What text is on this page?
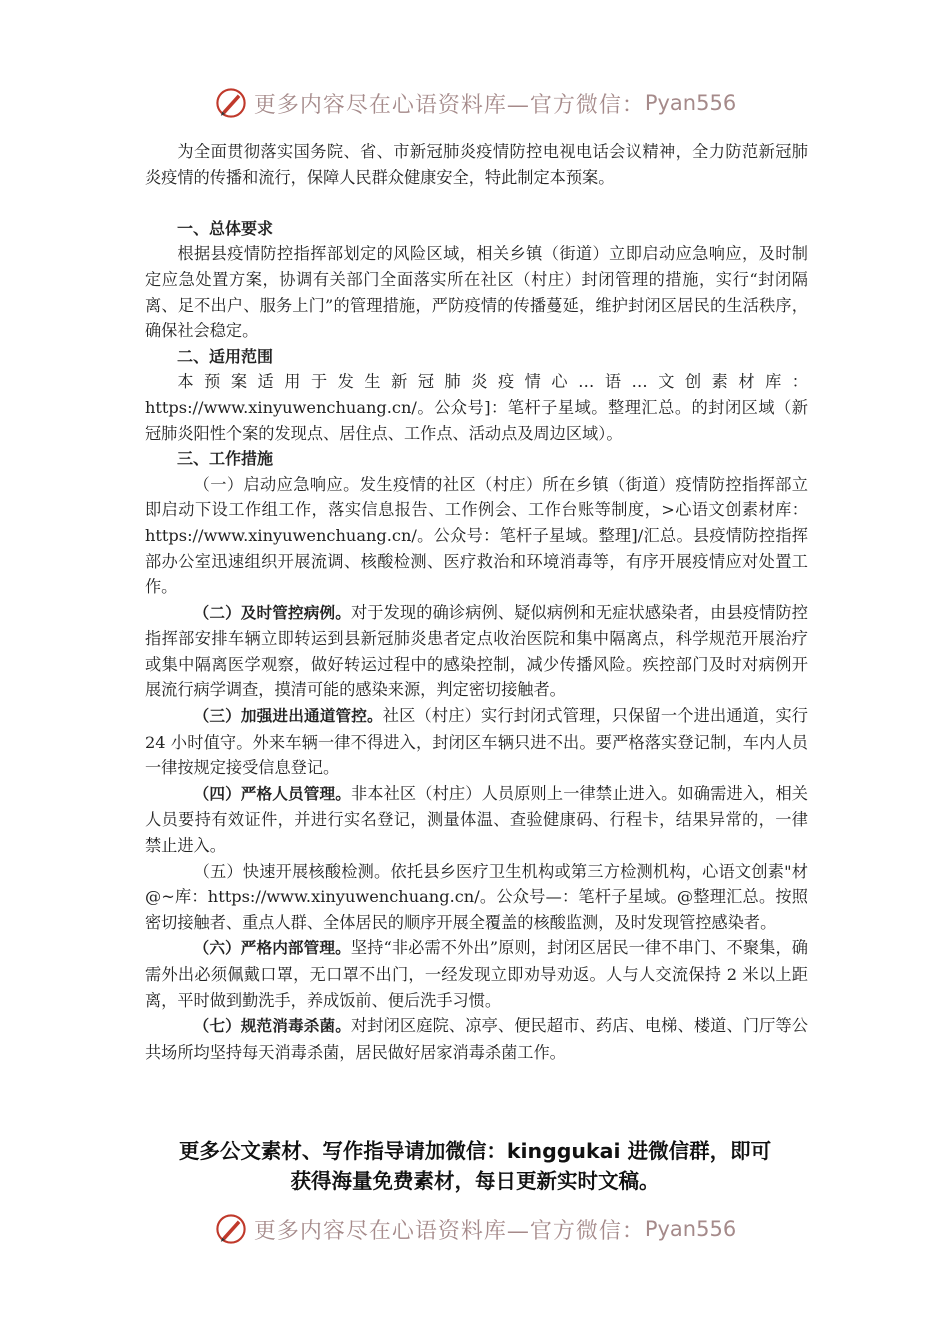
更多内容尽在心语资料库—官方微信： Pyan556

为全面贯彻落实国务院、省、市新冠肺炎疫情防控电视电话会议精神，全力防范新冠肺炎疫情的传播和流行，保障人民群众健康安全，特此制定本预案。

一、总体要求

根据县疫情防控指挥部划定的风险区域，相关乡镇（街道）立即启动应急响应，及时制定应急处置方案，协调有关部门全面落实所在社区（村庄）封闭管理的措施，实行“封闭隔离、足不出户、服务上门”的管理措施，严防疫情的传播蔓延，维护封闭区居民的生活秩序，确保社会稳定。

二、适用范围

本预案适用于发生新冠肺炎疫情心…语…文创素材库：https://www.xinyuwenchuang.cn/。公众号]：笔杆子星域。整理汇总。的封闭区域（新冠肺炎阳性个案的发现点、居住点、工作点、活动点及周边区域）。

三、工作措施

（一）启动应急响应。发生疫情的社区（村庄）所在乡镇（街道）疫情防控指挥部立即启动下设工作组工作，落实信息报告、工作例会、工作台账等制度，>心语文创素材库：https://www.xinyuwenchuang.cn/。公众号：笔杆子星域。整理]/汇总。县疫情防控指挥部办公室迅速组织开展流调、核酸检测、医疗救治和环境消毒等，有序开展疫情应对处置工作。

（二）及时管控病例。对于发现的确诊病例、疑似病例和无症状感染者，由县疫情防控指挥部安排车辆立即转运到县新冠肺炎患者定点收治医院和集中隔离点，科学规范开展治疗或集中隔离医学观察，做好转运过程中的感染控制，减少传播风险。疾控部门及时对病例开展流行病学调查，摸清可能的感染来源，判定密切接触者。

（三）加强进出通道管控。社区（村庄）实行封闭式管理，只保留一个进出通道，实行 24 小时值守。外来车辆一律不得进入，封闭区车辆只进不出。要严格落实登记制，车内人员一律按规定接受信息登记。

（四）严格人员管理。非本社区（村庄）人员原则上一律禁止进入。如确需进入，相关人员要持有效证件，并进行实名登记，测量体温、查验健康码、行程卡，结果异常的，一律禁止进入。

（五）快速开展核酸检测。依托县乡医疗卫生机构或第三方检测机构，心语文创素"材@~库：https://www.xinyuwenchuang.cn/。公众号—：笔杆子星域。@整理汇总。按照密切接触者、重点人群、全体居民的顺序开展全覆盖的核酸监测，及时发现管控感染者。

（六）严格内部管理。坚持“非必需不外出”原则，封闭区居民一律不串门、不聚集，确需外出必须佩戴口罩，无口罩不出门，一经发现立即劝导劝返。人与人交流保持 2 米以上距离，平时做到勤洗手，养成饭前、便后洗手习惯。

（七）规范消毒杀菌。对封闭区庭院、凉亭、便民超市、药店、电梯、楼道、门厅等公共场所均坚持每天消毒杀菌，居民做好居家消毒杀菌工作。

更多公文素材、写作指导请加微信：kinggukai 进微信群，即可
获得海量免费素材，每日更新实时文稿。
更多内容尽在心语资料库—官方微信： Pyan556
